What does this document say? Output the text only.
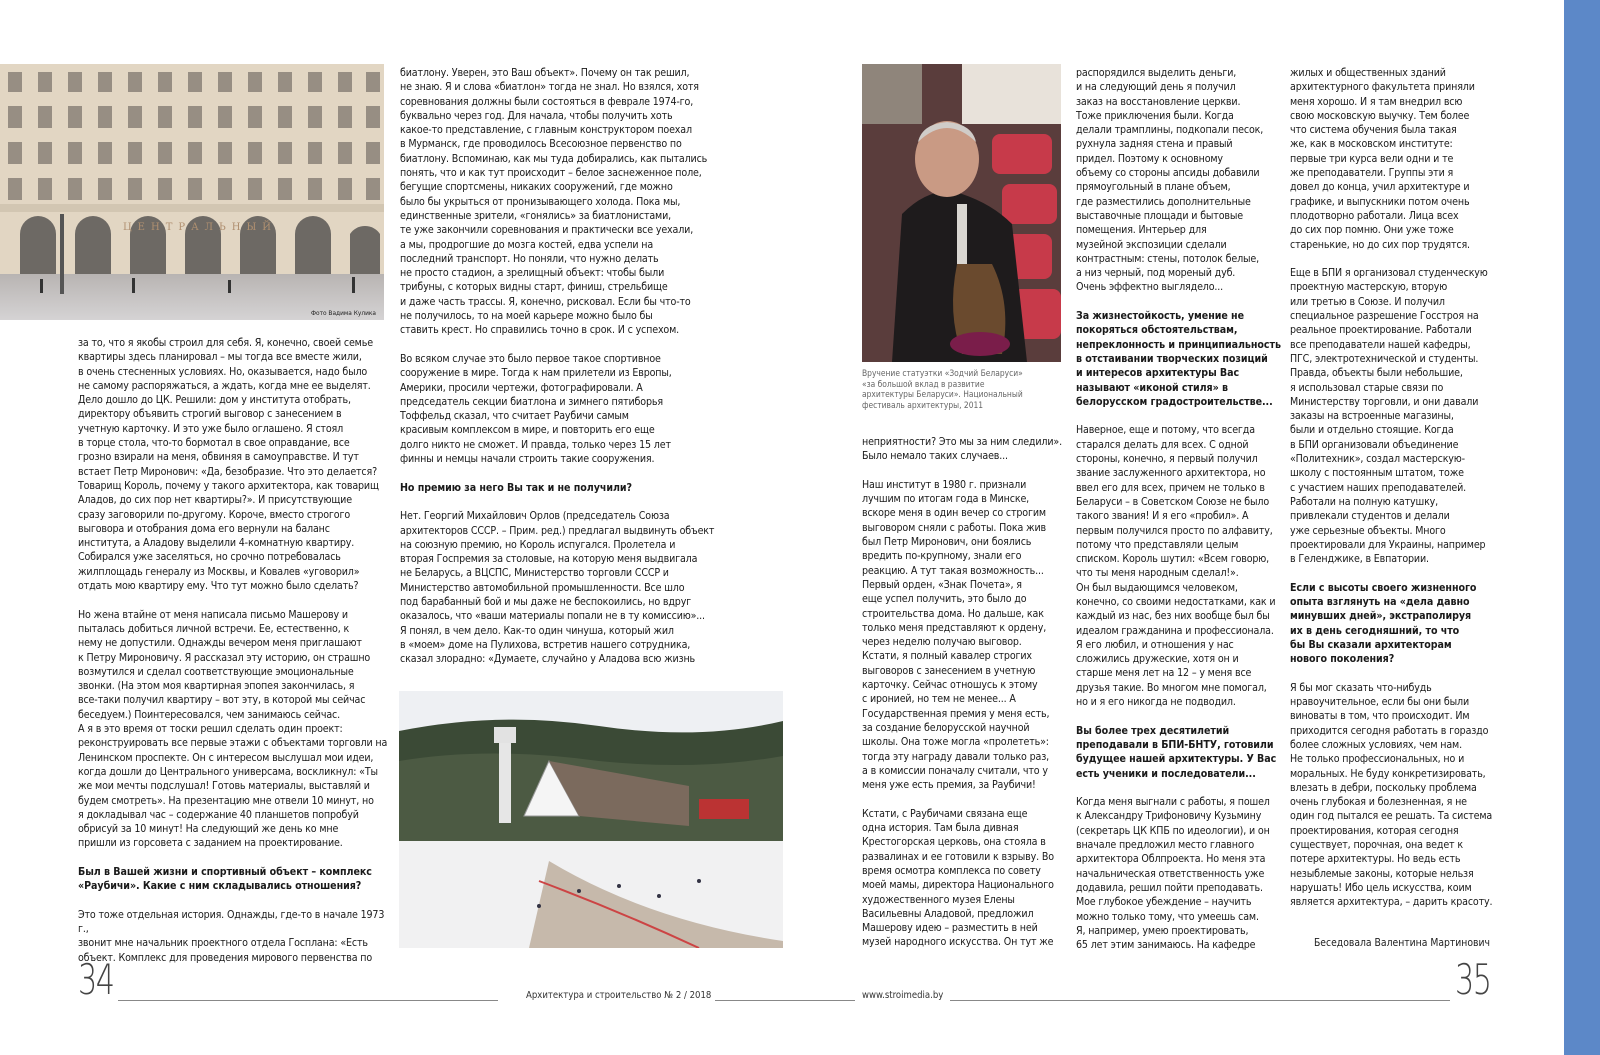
ЦЕНТРАЛЬНЫЙ
Фото Вадима Кулика
Вручение статуэтки «Зодчий Беларуси»
«за большой вклад в развитие
архитектуры Беларуси». Национальный
фестиваль архитектуры, 2011

за то, что я якобы строил для себя. Я, конечно, своей семье
квартиры здесь планировал – мы тогда все вместе жили,
в очень стесненных условиях. Но, оказывается, надо было
не самому распоряжаться, а ждать, когда мне ее выделят.
Дело дошло до ЦК. Решили: дом у института отобрать,
директору объявить строгий выговор с занесением в
учетную карточку. И это уже было оглашено. Я стоял
в торце стола, что-то бормотал в свое оправдание, все
грозно взирали на меня, обвиняя в самоуправстве. И тут
встает Петр Миронович: «Да, безобразие. Что это делается?
Товарищ Король, почему у такого архитектора, как товарищ
Аладов, до сих пор нет квартиры?». И присутствующие
сразу заговорили по-другому. Короче, вместо строгого
выговора и отобрания дома его вернули на баланс
института, а Аладову выделили 4-комнатную квартиру.
Собирался уже заселяться, но срочно потребовалась
жилплощадь генералу из Москвы, и Ковалев «уговорил»
отдать мою квартиру ему. Что тут можно было сделать?

Но жена втайне от меня написала письмо Машерову и
пыталась добиться личной встречи. Ее, естественно, к
нему не допустили. Однажды вечером меня приглашают
к Петру Мироновичу. Я рассказал эту историю, он страшно
возмутился и сделал соответствующие эмоциональные
звонки. (На этом моя квартирная эпопея закончилась, я
все-таки получил квартиру – вот эту, в которой мы сейчас
беседуем.) Поинтересовался, чем занимаюсь сейчас.
А я в это время от тоски решил сделать один проект:
реконструировать все первые этажи с объектами торговли на
Ленинском проспекте. Он с интересом выслушал мои идеи,
когда дошли до Центрального универсама, воскликнул: «Ты
же мои мечты подслушал! Готовь материалы, выставляй и
будем смотреть». На презентацию мне отвели 10 минут, но
я докладывал час – содержание 40 планшетов попробуй
обрисуй за 10 минут! На следующий же день ко мне
пришли из горсовета с заданием на проектирование.

Был в Вашей жизни и спортивный объект – комплекс
«Раубичи». Какие с ним складывались отношения?

Это тоже отдельная история. Однажды, где-то в начале 1973 г.,
звонит мне начальник проектного отдела Госплана: «Есть
объект. Комплекс для проведения мирового первенства по

биатлону. Уверен, это Ваш объект». Почему он так решил,
не знаю. Я и слова «биатлон» тогда не знал. Но взялся, хотя
соревнования должны были состояться в феврале 1974-го,
буквально через год. Для начала, чтобы получить хоть
какое-то представление, с главным конструктором поехал
в Мурманск, где проводилось Всесоюзное первенство по
биатлону. Вспоминаю, как мы туда добирались, как пытались
понять, что и как тут происходит – белое заснеженное поле,
бегущие спортсмены, никаких сооружений, где можно
было бы укрыться от пронизывающего холода. Пока мы,
единственные зрители, «гонялись» за биатлонистами,
те уже закончили соревнования и практически все уехали,
а мы, продрогшие до мозга костей, едва успели на
последний транспорт. Но поняли, что нужно делать
не просто стадион, а зрелищный объект: чтобы были
трибуны, с которых видны старт, финиш, стрельбище
и даже часть трассы. Я, конечно, рисковал. Если бы что-то
не получилось, то на моей карьере можно было бы
ставить крест. Но справились точно в срок. И с успехом.

Во всяком случае это было первое такое спортивное
сооружение в мире. Тогда к нам прилетели из Европы,
Америки, просили чертежи, фотографировали. А
председатель секции биатлона и зимнего пятиборья
Тоффельд сказал, что считает Раубичи самым
красивым комплексом в мире, и повторить его еще
долго никто не сможет. И правда, только через 15 лет
финны и немцы начали строить такие сооружения.

Но премию за него Вы так и не получили?

Нет. Георгий Михайлович Орлов (председатель Союза
архитекторов СССР. – Прим. ред.) предлагал выдвинуть объект
на союзную премию, но Король испугался. Пролетела и
вторая Госпремия за столовые, на которую меня выдвигала
не Беларусь, а ВЦСПС, Министерство торговли СССР и
Министерство автомобильной промышленности. Все шло
под барабанный бой и мы даже не беспокоились, но вдруг
оказалось, что «ваши материалы попали не в ту комиссию»...
Я понял, в чем дело. Как-то один чинуша, который жил
в «моем» доме на Пулихова, встретив нашего сотрудника,
сказал злорадно: «Думаете, случайно у Аладова всю жизнь

неприятности? Это мы за ним следили».
Было немало таких случаев...

Наш институт в 1980 г. признали
лучшим по итогам года в Минске,
вскоре меня в один вечер со строгим
выговором сняли с работы. Пока жив
был Петр Миронович, они боялись
вредить по-крупному, знали его
реакцию. А тут такая возможность...
Первый орден, «Знак Почета», я
еще успел получить, это было до
строительства дома. Но дальше, как
только меня представляют к ордену,
через неделю получаю выговор.
Кстати, я полный кавалер строгих
выговоров с занесением в учетную
карточку. Сейчас отношусь к этому
с иронией, но тем не менее... А
Государственная премия у меня есть,
за создание белорусской научной
школы. Она тоже могла «пролететь»:
тогда эту награду давали только раз,
а в комиссии поначалу считали, что у
меня уже есть премия, за Раубичи!

Кстати, с Раубичами связана еще
одна история. Там была дивная
Крестогорская церковь, она стояла в
развалинах и ее готовили к взрыву. Во
время осмотра комплекса по совету
моей мамы, директора Национального
художественного музея Елены
Васильевны Аладовой, предложил
Машерову идею – разместить в ней
музей народного искусства. Он тут же

распорядился выделить деньги,
и на следующий день я получил
заказ на восстановление церкви.
Тоже приключения были. Когда
делали трамплины, подкопали песок,
рухнула задняя стена и правый
придел. Поэтому к основному
объему со стороны апсиды добавили
прямоугольный в плане объем,
где разместились дополнительные
выставочные площади и бытовые
помещения. Интерьер для
музейной экспозиции сделали
контрастным: стены, потолок белые,
а низ черный, под мореный дуб.
Очень эффектно выглядело...

За жизнестойкость, умение не
покоряться обстоятельствам,
непреклонность и принципиальность
в отстаивании творческих позиций
и интересов архитектуры Вас
называют «иконой стиля» в
белорусском градостроительстве...

Наверное, еще и потому, что всегда
старался делать для всех. С одной
стороны, конечно, я первый получил
звание заслуженного архитектора, но
ввел его для всех, причем не только в
Беларуси – в Советском Союзе не было
такого звания! И я его «пробил». А
первым получился просто по алфавиту,
потому что представляли целым
списком. Король шутил: «Всем говорю,
что ты меня народным сделал!».
Он был выдающимся человеком,
конечно, со своими недостатками, как и
каждый из нас, без них вообще был бы
идеалом гражданина и профессионала.
Я его любил, и отношения у нас
сложились дружеские, хотя он и
старше меня лет на 12 – у меня все
друзья такие. Во многом мне помогал,
но и я его никогда не подводил.

Вы более трех десятилетий
преподавали в БПИ-БНТУ, готовили
будущее нашей архитектуры. У Вас
есть ученики и последователи...

Когда меня выгнали с работы, я пошел
к Александру Трифоновичу Кузьмину
(секретарь ЦК КПБ по идеологии), и он
вначале предложил место главного
архитектора Облпроекта. Но меня эта
начальническая ответственность уже
додавила, решил пойти преподавать.
Мое глубокое убеждение – научить
можно только тому, что умеешь сам.
Я, например, умею проектировать,
65 лет этим занимаюсь. На кафедре

жилых и общественных зданий
архитектурного факультета приняли
меня хорошо. И я там внедрил всю
свою московскую выучку. Тем более
что система обучения была такая
же, как в московском институте:
первые три курса вели одни и те
же преподаватели. Группы эти я
довел до конца, учил архитектуре и
графике, и выпускники потом очень
плодотворно работали. Лица всех
до сих пор помню. Они уже тоже
старенькие, но до сих пор трудятся.

Еще в БПИ я организовал студенческую
проектную мастерскую, вторую
или третью в Союзе. И получил
специальное разрешение Госстроя на
реальное проектирование. Работали
все преподаватели нашей кафедры,
ПГС, электротехнической и студенты.
Правда, объекты были небольшие,
я использовал старые связи по
Министерству торговли, и они давали
заказы на встроенные магазины,
были и отдельно стоящие. Когда
в БПИ организовали объединение
«Политехник», создал мастерскую-
школу с постоянным штатом, тоже
с участием наших преподавателей.
Работали на полную катушку,
привлекали студентов и делали
уже серьезные объекты. Много
проектировали для Украины, например
в Геленджике, в Евпатории.

Если с высоты своего жизненного
опыта взглянуть на «дела давно
минувших дней», экстраполируя
их в день сегодняшний, то что
бы Вы сказали архитекторам
нового поколения?

Я бы мог сказать что-нибудь
нравоучительное, если бы они были
виноваты в том, что происходит. Им
приходится сегодня работать в гораздо
более сложных условиях, чем нам.
Не только профессиональных, но и
моральных. Не буду конкретизировать,
влезать в дебри, поскольку проблема
очень глубокая и болезненная, я не
один год пытался ее решать. Та система
проектирования, которая сегодня
существует, порочная, она ведет к
потере архитектуры. Но ведь есть
незыблемые законы, которые нельзя
нарушать! Ибо цель искусства, коим
является архитектура, – дарить красоту.

Беседовала Валентина Мартинович
34	Архитектура и строительство № 2 / 2018	www.stroimedia.by	35
